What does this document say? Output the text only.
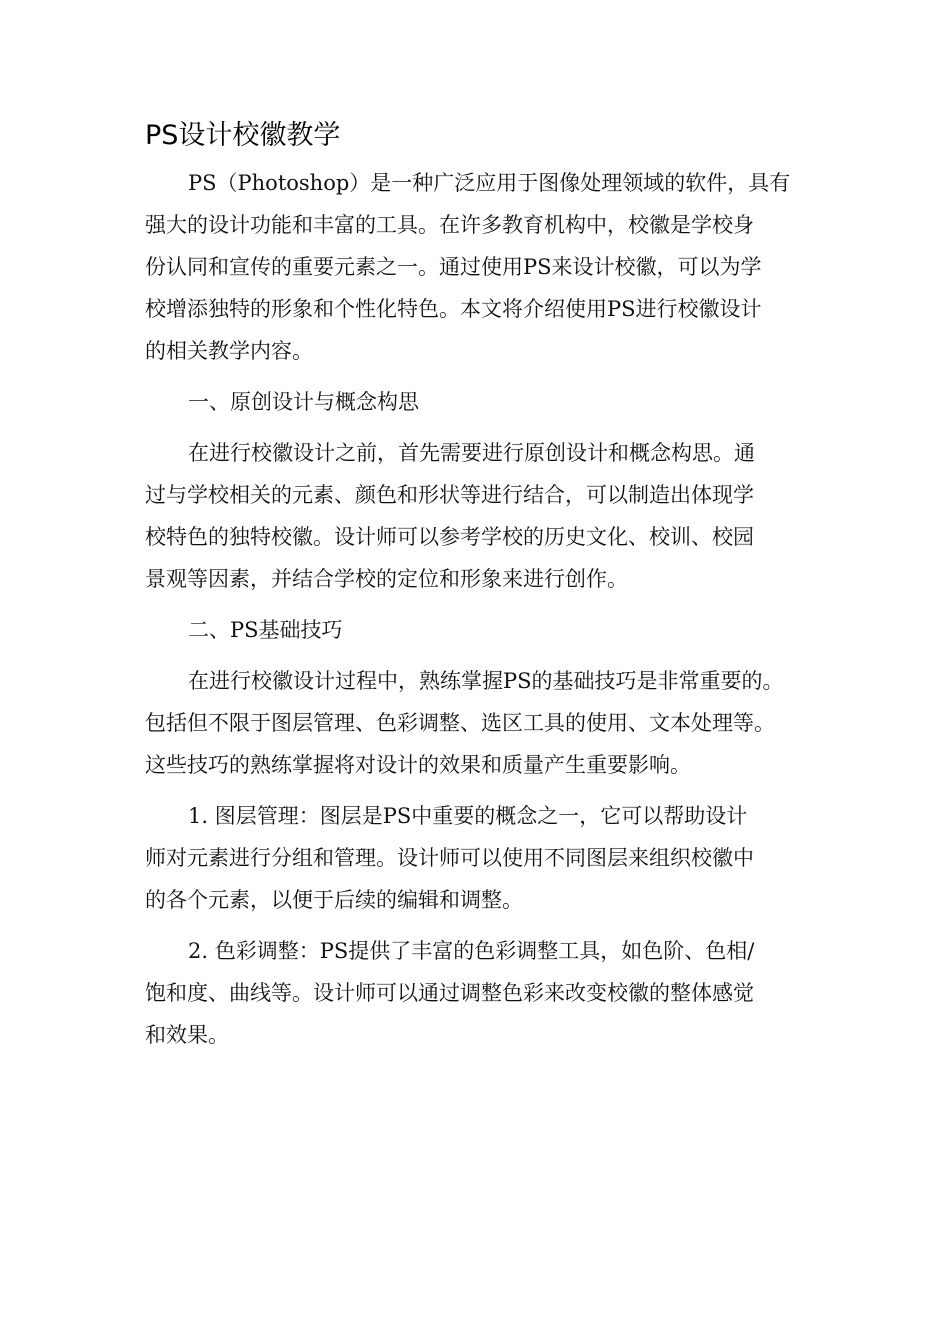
PS设计校徽教学
PS（Photoshop）是一种广泛应用于图像处理领域的软件，具有
强大的设计功能和丰富的工具。在许多教育机构中，校徽是学校身
份认同和宣传的重要元素之一。通过使用PS来设计校徽，可以为学
校增添独特的形象和个性化特色。本文将介绍使用PS进行校徽设计
的相关教学内容。
一、原创设计与概念构思
在进行校徽设计之前，首先需要进行原创设计和概念构思。通
过与学校相关的元素、颜色和形状等进行结合，可以制造出体现学
校特色的独特校徽。设计师可以参考学校的历史文化、校训、校园
景观等因素，并结合学校的定位和形象来进行创作。
二、PS基础技巧
在进行校徽设计过程中，熟练掌握PS的基础技巧是非常重要的。
包括但不限于图层管理、色彩调整、选区工具的使用、文本处理等。
这些技巧的熟练掌握将对设计的效果和质量产生重要影响。
1. 图层管理：图层是PS中重要的概念之一，它可以帮助设计
师对元素进行分组和管理。设计师可以使用不同图层来组织校徽中
的各个元素，以便于后续的编辑和调整。
2. 色彩调整：PS提供了丰富的色彩调整工具，如色阶、色相/
饱和度、曲线等。设计师可以通过调整色彩来改变校徽的整体感觉
和效果。
